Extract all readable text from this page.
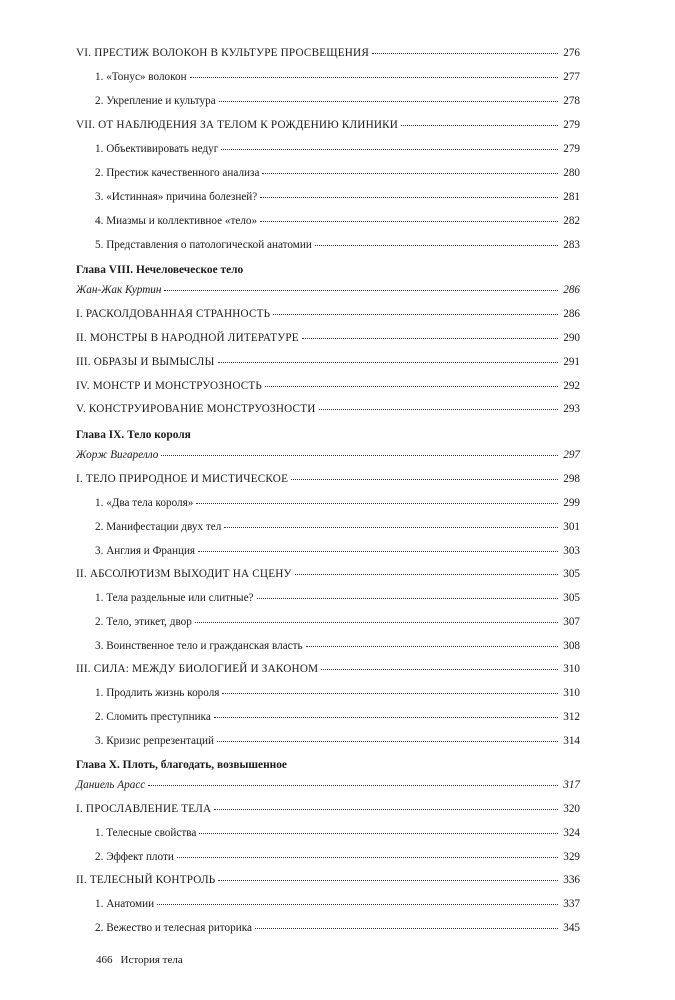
VI. ПРЕСТИЖ ВОЛОКОН В КУЛЬТУРЕ ПРОСВЕЩЕНИЯ	276
1. «Тонус» волокон	277
2. Укрепление и культура	278
VII. ОТ НАБЛЮДЕНИЯ ЗА ТЕЛОМ К РОЖДЕНИЮ КЛИНИКИ	279
1. Объективировать недуг	279
2. Престиж качественного анализа	280
3. «Истинная» причина болезней?	281
4. Миазмы и коллективное «тело»	282
5. Представления о патологической анатомии	283
Глава VIII. Нечеловеческое тело
Жан-Жак Куртин	286
I. РАСКОЛДОВАННАЯ СТРАННОСТЬ	286
II. МОНСТРЫ В НАРОДНОЙ ЛИТЕРАТУРЕ	290
III. ОБРАЗЫ И ВЫМЫСЛЫ	291
IV. МОНСТР И МОНСТРУОЗНОСТЬ	292
V. КОНСТРУИРОВАНИЕ МОНСТРУОЗНОСТИ	293
Глава IX. Тело короля
Жорж Вигарелло	297
I. ТЕЛО ПРИРОДНОЕ И МИСТИЧЕСКОЕ	298
1. «Два тела короля»	299
2. Манифестации двух тел	301
3. Англия и Франция	303
II. АБСОЛЮТИЗМ ВЫХОДИТ НА СЦЕНУ	305
1. Тела раздельные или слитные?	305
2. Тело, этикет, двор	307
3. Воинственное тело и гражданская власть	308
III. СИЛА: МЕЖДУ БИОЛОГИЕЙ И ЗАКОНОМ	310
1. Продлить жизнь короля	310
2. Сломить преступника	312
3. Кризис репрезентаций	314
Глава X. Плоть, благодать, возвышенное
Даниель Арасс	317
I. ПРОСЛАВЛЕНИЕ ТЕЛА	320
1. Телесные свойства	324
2. Эффект плоти	329
II. ТЕЛЕСНЫЙ КОНТРОЛЬ	336
1. Анатомии	337
2. Вежество и телесная риторика	345
466 История тела
